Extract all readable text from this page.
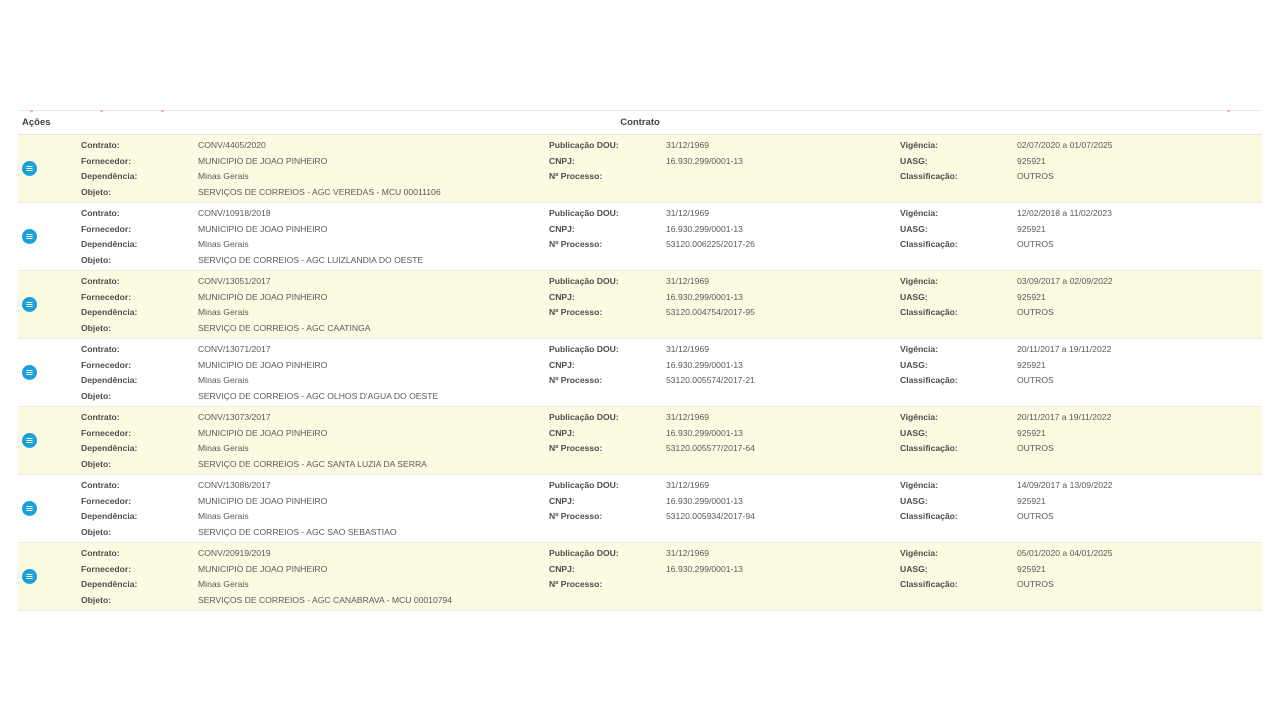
Ações	Contrato
Contrato:	CONV/4405/2020	Publicação DOU:	31/12/1969	Vigência:	02/07/2020 a 01/07/2025
Fornecedor:	MUNICIPIO DE JOAO PINHEIRO	CNPJ:	16.930.299/0001-13	UASG:	925921
Dependência:	Minas Gerais	Nº Processo:	Classificação:	OUTROS
Objeto:	SERVIÇOS DE CORREIOS - AGC VEREDAS - MCU 00011106
Contrato:	CONV/10918/2018	Publicação DOU:	31/12/1969	Vigência:	12/02/2018 a 11/02/2023
Fornecedor:	MUNICIPIO DE JOAO PINHEIRO	CNPJ:	16.930.299/0001-13	UASG:	925921
Dependência:	Minas Gerais	Nº Processo:	53120.006225/2017-26	Classificação:	OUTROS
Objeto:	SERVIÇO DE CORREIOS - AGC LUIZLANDIA DO OESTE
Contrato:	CONV/13051/2017	Publicação DOU:	31/12/1969	Vigência:	03/09/2017 a 02/09/2022
Fornecedor:	MUNICIPIO DE JOAO PINHEIRO	CNPJ:	16.930.299/0001-13	UASG:	925921
Dependência:	Minas Gerais	Nº Processo:	53120.004754/2017-95	Classificação:	OUTROS
Objeto:	SERVIÇO DE CORREIOS - AGC CAATINGA
Contrato:	CONV/13071/2017	Publicação DOU:	31/12/1969	Vigência:	20/11/2017 a 19/11/2022
Fornecedor:	MUNICIPIO DE JOAO PINHEIRO	CNPJ:	16.930.299/0001-13	UASG:	925921
Dependência:	Minas Gerais	Nº Processo:	53120.005574/2017-21	Classificação:	OUTROS
Objeto:	SERVIÇO DE CORREIOS - AGC OLHOS D'AGUA DO OESTE
Contrato:	CONV/13073/2017	Publicação DOU:	31/12/1969	Vigência:	20/11/2017 a 19/11/2022
Fornecedor:	MUNICIPIO DE JOAO PINHEIRO	CNPJ:	16.930.299/0001-13	UASG:	925921
Dependência:	Minas Gerais	Nº Processo:	53120.005577/2017-64	Classificação:	OUTROS
Objeto:	SERVIÇO DE CORREIOS - AGC SANTA LUZIA DA SERRA
Contrato:	CONV/13086/2017	Publicação DOU:	31/12/1969	Vigência:	14/09/2017 a 13/09/2022
Fornecedor:	MUNICIPIO DE JOAO PINHEIRO	CNPJ:	16.930.299/0001-13	UASG:	925921
Dependência:	Minas Gerais	Nº Processo:	53120.005934/2017-94	Classificação:	OUTROS
Objeto:	SERVIÇO DE CORREIOS - AGC SAO SEBASTIAO
Contrato:	CONV/20919/2019	Publicação DOU:	31/12/1969	Vigência:	05/01/2020 a 04/01/2025
Fornecedor:	MUNICIPIO DE JOAO PINHEIRO	CNPJ:	16.930.299/0001-13	UASG:	925921
Dependência:	Minas Gerais	Nº Processo:	Classificação:	OUTROS
Objeto:	SERVIÇOS DE CORREIOS - AGC CANABRAVA - MCU 00010794
